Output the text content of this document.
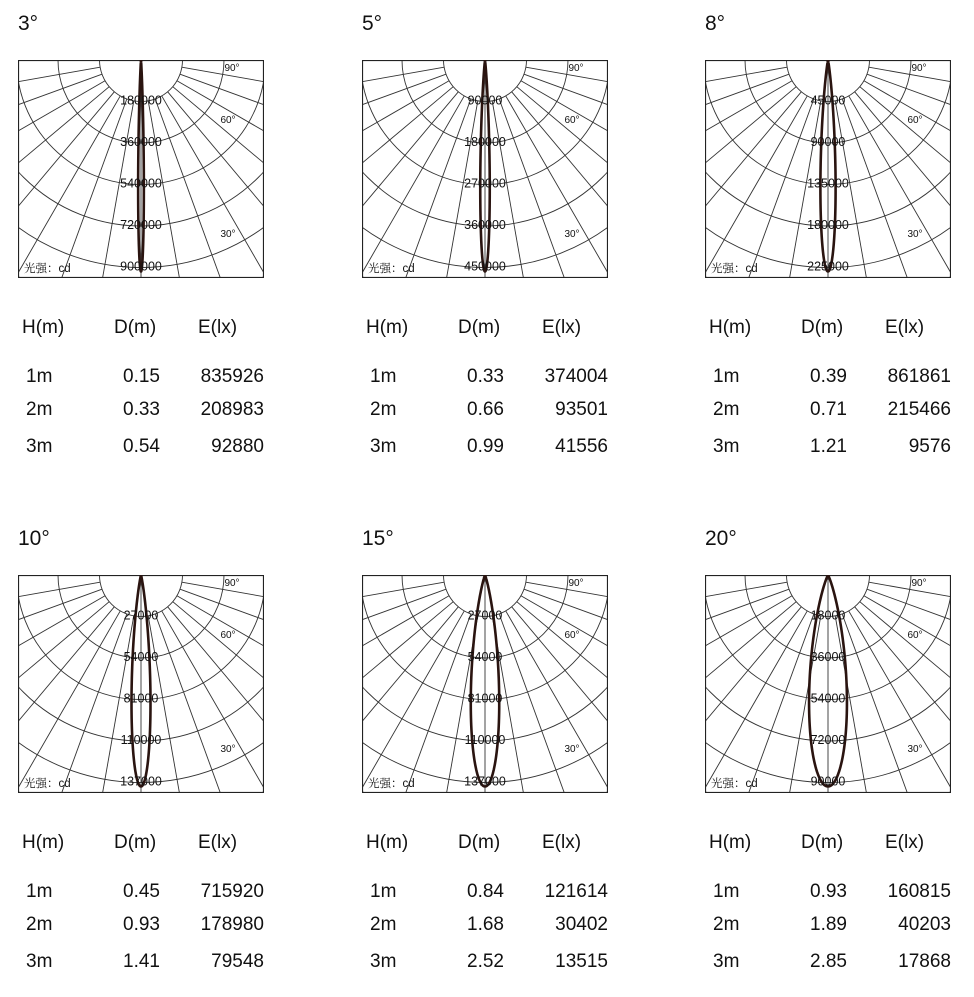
3°
180000
360000
540000
720000
900000
90°
60°
30°
光强：cd
H(m)	D(m) E(lx)
1m	0.15	835926
2m	0.33	208983
3m	0.54	92880
5°
90000
180000
270000
360000
450000
90°
60°
30°
光强：cd
H(m)	D(m) E(lx)
1m	0.33	374004
2m	0.66	93501
3m	0.99	41556
8°
45000
90000
135000
180000
225000
90°
60°
30°
光强：cd
H(m)	D(m) E(lx)
1m	0.39	861861
2m	0.71	215466
3m	1.21	9576
10°
27000
54000
81000
110000
137000
90°
60°
30°
光强：cd
H(m)	D(m) E(lx)
1m	0.45	715920
2m	0.93	178980
3m	1.41	79548
15°
27000
54000
81000
110000
137000
90°
60°
30°
光强：cd
H(m)	D(m) E(lx)
1m	0.84	121614
2m	1.68	30402
3m	2.52	13515
20°
18000
36000
54000
72000
90000
90°
60°
30°
光强：cd
H(m)	D(m) E(lx)
1m	0.93	160815
2m	1.89	40203
3m	2.85	17868
